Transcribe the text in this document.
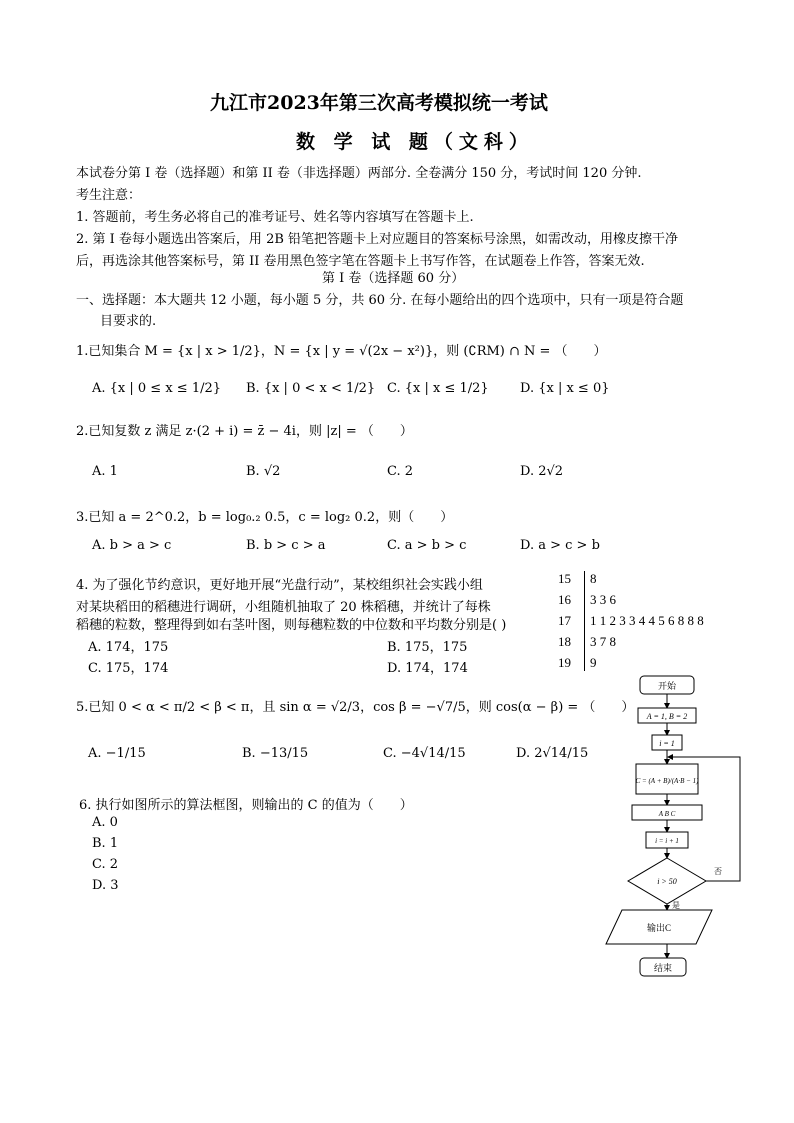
九江市2023年第三次高考模拟统一考试
数 学 试 题（文科）
本试卷分第 I 卷（选择题）和第 II 卷（非选择题）两部分. 全卷满分 150 分，考试时间 120 分钟.
考生注意：
1. 答题前，考生务必将自己的准考证号、姓名等内容填写在答题卡上.
2. 第 I 卷每小题选出答案后，用 2B 铅笔把答题卡上对应题目的答案标号涂黑，如需改动，用橡皮擦干净
后，再选涂其他答案标号，第 II 卷用黑色签字笔在答题卡上书写作答，在试题卷上作答，答案无效.
第 I 卷（选择题 60 分）
一、选择题：本大题共 12 小题，每小题 5 分，共 60 分. 在每小题给出的四个选项中，只有一项是符合题
目要求的.
1.已知集合 M = {x | x > 1/2}，N = {x | y = √(2x − x²)}，则 (∁RM) ∩ N = （　　）
A. {x | 0 ≤ x ≤ 1/2} B. {x | 0 < x < 1/2} C. {x | x ≤ 1/2} D. {x | x ≤ 0}
2.已知复数 z 满足 z·(2 + i) = z̄ − 4i，则 |z| = （　　）
A. 1	B. √2	C. 2	D. 2√2
3.已知 a = 2^0.2，b = log₀.₂ 0.5，c = log₂ 0.2，则（　　）
A. b > a > c	B. b > c > a	C. a > b > c	D. a > c > b
4. 为了强化节约意识，更好地开展“光盘行动”，某校组织社会实践小组
对某块稻田的稻穗进行调研，小组随机抽取了 20 株稻穗，并统计了每株
稻穗的粒数，整理得到如右茎叶图，则每穗粒数的中位数和平均数分别是( )
A. 174，175	B. 175，175
C. 175，174	D. 174，174
15 8
16 3 3 6
17 1 1 2 3 3 4 4 5 6 8 8 8
18 3 7 8
19 9
5.已知 0 < α < π/2 < β < π，且 sin α = √2/3，cos β = −√7/5，则 cos(α − β) = （　　）
A. −1/15	B. −13/15	C. −4√14/15	D. 2√14/15
6. 执行如图所示的算法框图，则输出的 C 的值为（　　）
A. 0
B. 1
C. 2
D. 3
开始
A = 1, B = 2
i = 1
C = (A + B)/(A·B − 1)
A B C
i = i + 1
i > 50
否
是
输出C
结束
